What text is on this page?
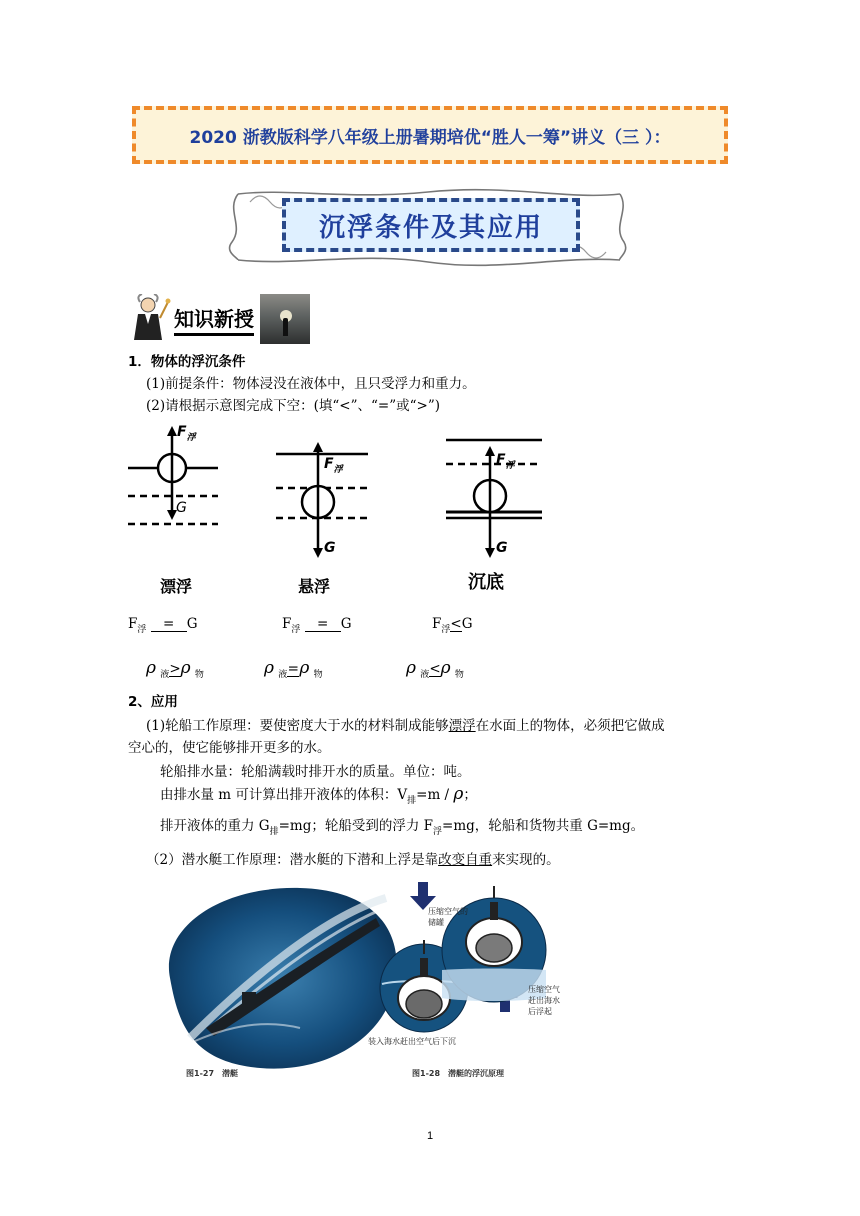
2020 浙教版科学八年级上册暑期培优“胜人一筹”讲义（三 ）：
沉浮条件及其应用
知识新授
1．物体的浮沉条件
(1)前提条件：物体浸没在液体中，且只受浮力和重力。
(2)请根据示意图完成下空：(填“<”、“=”或“>”)
$F_浮$
G
漂浮
$F_浮$
G
悬浮
$F_浮$
G
沉底
$F_浮 = G$	$F_浮 = G$	$F_浮<G$
ρ $_液$>ρ $_物$	ρ $_液$=ρ $_物$	ρ $_液$<ρ $_物$
2、应用
(1)轮船工作原理：要使密度大于水的材料制成能够漂浮在水面上的物体，必须把它做成
空心的，使它能够排开更多的水。
轮船排水量：轮船满载时排开水的质量。单位：吨。
由排水量 m 可计算出排开液体的体积：$V_排=m / \rho$；
排开液体的重力 $G_排=mg$；轮船受到的浮力 $F_浮=mg$，轮船和货物共重 G=mg。
（2）潜水艇工作原理：潜水艇的下潜和上浮是靠改变自重来实现的。
图1-27　潜艇
压缩空气的储罐
压缩空气赶出海水后浮起
装入海水赶出空气后下沉
图1-28　潜艇的浮沉原理
1
